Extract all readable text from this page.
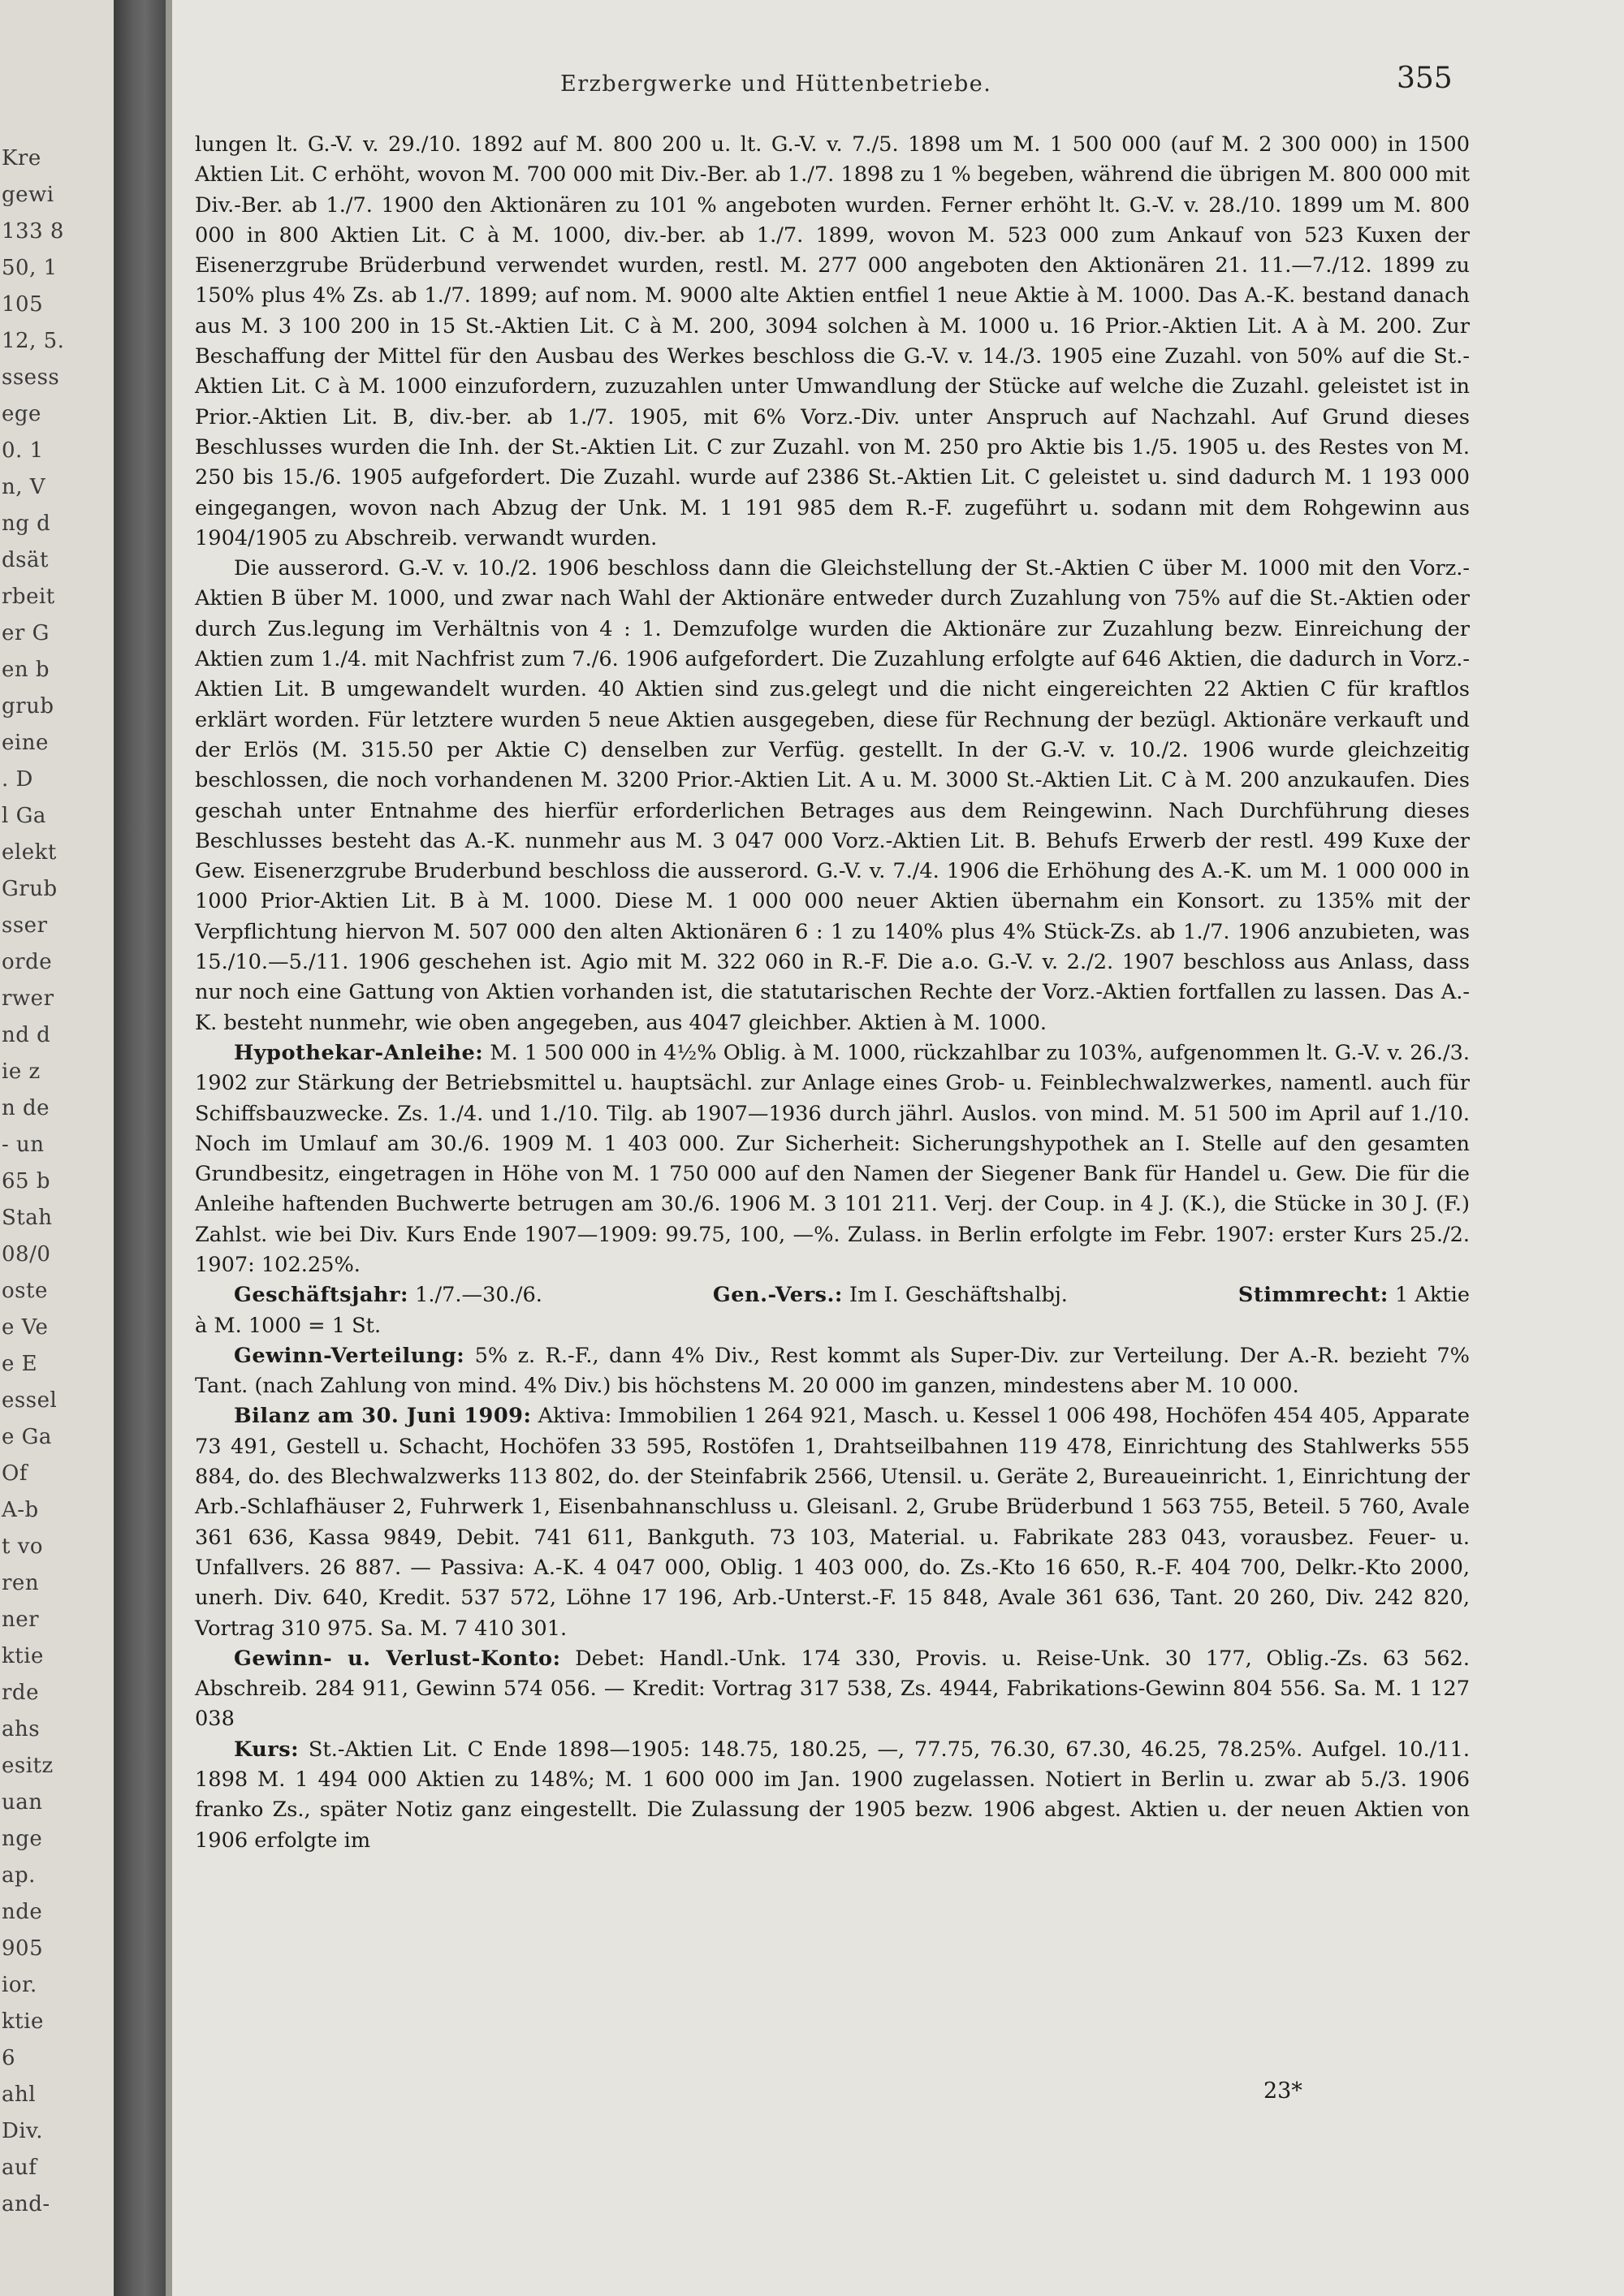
Kre
gewi
133 8
50, 1
105
12, 5.
ssess
ege
0. 1
n, V
ng d
dsät
rbeit
er G
en b
grub
eine
. D
l Ga
elekt
Grub
sser
orde
rwer
nd d
ie z
n de
- un
65 b
Stah
08/0
oste
e Ve
e E
essel
e Ga
Of
A-b
t vo
ren
ner
ktie
rde
ahs
esitz
uan
nge
ap.
nde
905
ior.
ktie
6
ahl
Div.
auf
and-
Erzbergwerke und Hüttenbetriebe.	355

lungen lt. G.-V. v. 29./10. 1892 auf M. 800 200 u. lt. G.-V. v. 7./5. 1898 um M. 1 500 000 (auf M. 2 300 000) in 1500 Aktien Lit. C erhöht, wovon M. 700 000 mit Div.-Ber. ab 1./7. 1898 zu 1 % begeben, während die übrigen M. 800 000 mit Div.-Ber. ab 1./7. 1900 den Aktionären zu 101 % angeboten wurden. Ferner erhöht lt. G.-V. v. 28./10. 1899 um M. 800 000 in 800 Aktien Lit. C à M. 1000, div.-ber. ab 1./7. 1899, wovon M. 523 000 zum Ankauf von 523 Kuxen der Eisenerzgrube Brüderbund verwendet wurden, restl. M. 277 000 angeboten den Aktionären 21. 11.—7./12. 1899 zu 150% plus 4% Zs. ab 1./7. 1899; auf nom. M. 9000 alte Aktien entfiel 1 neue Aktie à M. 1000. Das A.-K. bestand danach aus M. 3 100 200 in 15 St.-Aktien Lit. C à M. 200, 3094 solchen à M. 1000 u. 16 Prior.-Aktien Lit. A à M. 200. Zur Beschaffung der Mittel für den Ausbau des Werkes beschloss die G.-V. v. 14./3. 1905 eine Zuzahl. von 50% auf die St.-Aktien Lit. C à M. 1000 einzufordern, zuzuzahlen unter Umwandlung der Stücke auf welche die Zuzahl. geleistet ist in Prior.-Aktien Lit. B, div.-ber. ab 1./7. 1905, mit 6% Vorz.-Div. unter Anspruch auf Nachzahl. Auf Grund dieses Beschlusses wurden die Inh. der St.-Aktien Lit. C zur Zuzahl. von M. 250 pro Aktie bis 1./5. 1905 u. des Restes von M. 250 bis 15./6. 1905 aufgefordert. Die Zuzahl. wurde auf 2386 St.-Aktien Lit. C geleistet u. sind dadurch M. 1 193 000 eingegangen, wovon nach Abzug der Unk. M. 1 191 985 dem R.-F. zugeführt u. sodann mit dem Rohgewinn aus 1904/1905 zu Abschreib. verwandt wurden.

Die ausserord. G.-V. v. 10./2. 1906 beschloss dann die Gleichstellung der St.-Aktien C über M. 1000 mit den Vorz.-Aktien B über M. 1000, und zwar nach Wahl der Aktionäre entweder durch Zuzahlung von 75% auf die St.-Aktien oder durch Zus.legung im Verhältnis von 4 : 1. Demzufolge wurden die Aktionäre zur Zuzahlung bezw. Einreichung der Aktien zum 1./4. mit Nachfrist zum 7./6. 1906 aufgefordert. Die Zuzahlung erfolgte auf 646 Aktien, die dadurch in Vorz.-Aktien Lit. B umgewandelt wurden. 40 Aktien sind zus.gelegt und die nicht eingereichten 22 Aktien C für kraftlos erklärt worden. Für letztere wurden 5 neue Aktien ausgegeben, diese für Rechnung der bezügl. Aktionäre verkauft und der Erlös (M. 315.50 per Aktie C) denselben zur Verfüg. gestellt. In der G.-V. v. 10./2. 1906 wurde gleichzeitig beschlossen, die noch vorhandenen M. 3200 Prior.-Aktien Lit. A u. M. 3000 St.-Aktien Lit. C à M. 200 anzukaufen. Dies geschah unter Entnahme des hierfür erforderlichen Betrages aus dem Reingewinn. Nach Durchführung dieses Beschlusses besteht das A.-K. nunmehr aus M. 3 047 000 Vorz.-Aktien Lit. B. Behufs Erwerb der restl. 499 Kuxe der Gew. Eisenerzgrube Bruderbund beschloss die ausserord. G.-V. v. 7./4. 1906 die Erhöhung des A.-K. um M. 1 000 000 in 1000 Prior-Aktien Lit. B à M. 1000. Diese M. 1 000 000 neuer Aktien übernahm ein Konsort. zu 135% mit der Verpflichtung hiervon M. 507 000 den alten Aktionären 6 : 1 zu 140% plus 4% Stück-Zs. ab 1./7. 1906 anzubieten, was 15./10.—5./11. 1906 geschehen ist. Agio mit M. 322 060 in R.-F. Die a.o. G.-V. v. 2./2. 1907 beschloss aus Anlass, dass nur noch eine Gattung von Aktien vorhanden ist, die statutarischen Rechte der Vorz.-Aktien fortfallen zu lassen. Das A.-K. besteht nunmehr, wie oben angegeben, aus 4047 gleichber. Aktien à M. 1000.

Hypothekar-Anleihe: M. 1 500 000 in 4½% Oblig. à M. 1000, rückzahlbar zu 103%, aufgenommen lt. G.-V. v. 26./3. 1902 zur Stärkung der Betriebsmittel u. hauptsächl. zur Anlage eines Grob- u. Feinblechwalzwerkes, namentl. auch für Schiffsbauzwecke. Zs. 1./4. und 1./10. Tilg. ab 1907—1936 durch jährl. Auslos. von mind. M. 51 500 im April auf 1./10. Noch im Umlauf am 30./6. 1909 M. 1 403 000. Zur Sicherheit: Sicherungshypothek an I. Stelle auf den gesamten Grundbesitz, eingetragen in Höhe von M. 1 750 000 auf den Namen der Siegener Bank für Handel u. Gew. Die für die Anleihe haftenden Buchwerte betrugen am 30./6. 1906 M. 3 101 211. Verj. der Coup. in 4 J. (K.), die Stücke in 30 J. (F.) Zahlst. wie bei Div. Kurs Ende 1907—1909: 99.75, 100, —%. Zulass. in Berlin erfolgte im Febr. 1907: erster Kurs 25./2. 1907: 102.25%.

Geschäftsjahr: 1./7.—30./6.	Gen.-Vers.: Im I. Geschäftshalbj.	Stimmrecht: 1 Aktie

à M. 1000 = 1 St.

Gewinn-Verteilung: 5% z. R.-F., dann 4% Div., Rest kommt als Super-Div. zur Verteilung. Der A.-R. bezieht 7% Tant. (nach Zahlung von mind. 4% Div.) bis höchstens M. 20 000 im ganzen, mindestens aber M. 10 000.

Bilanz am 30. Juni 1909: Aktiva: Immobilien 1 264 921, Masch. u. Kessel 1 006 498, Hochöfen 454 405, Apparate 73 491, Gestell u. Schacht, Hochöfen 33 595, Rostöfen 1, Drahtseilbahnen 119 478, Einrichtung des Stahlwerks 555 884, do. des Blechwalzwerks 113 802, do. der Steinfabrik 2566, Utensil. u. Geräte 2, Bureaueinricht. 1, Einrichtung der Arb.-Schlafhäuser 2, Fuhrwerk 1, Eisenbahnanschluss u. Gleisanl. 2, Grube Brüderbund 1 563 755, Beteil. 5 760, Avale 361 636, Kassa 9849, Debit. 741 611, Bankguth. 73 103, Material. u. Fabrikate 283 043, vorausbez. Feuer- u. Unfallvers. 26 887. — Passiva: A.-K. 4 047 000, Oblig. 1 403 000, do. Zs.-Kto 16 650, R.-F. 404 700, Delkr.-Kto 2000, unerh. Div. 640, Kredit. 537 572, Löhne 17 196, Arb.-Unterst.-F. 15 848, Avale 361 636, Tant. 20 260, Div. 242 820, Vortrag 310 975. Sa. M. 7 410 301.

Gewinn- u. Verlust-Konto: Debet: Handl.-Unk. 174 330, Provis. u. Reise-Unk. 30 177, Oblig.-Zs. 63 562. Abschreib. 284 911, Gewinn 574 056. — Kredit: Vortrag 317 538, Zs. 4944, Fabrikations-Gewinn 804 556. Sa. M. 1 127 038

Kurs: St.-Aktien Lit. C Ende 1898—1905: 148.75, 180.25, —, 77.75, 76.30, 67.30, 46.25, 78.25%. Aufgel. 10./11. 1898 M. 1 494 000 Aktien zu 148%; M. 1 600 000 im Jan. 1900 zugelassen. Notiert in Berlin u. zwar ab 5./3. 1906 franko Zs., später Notiz ganz eingestellt. Die Zulassung der 1905 bezw. 1906 abgest. Aktien u. der neuen Aktien von 1906 erfolgte im

23*
